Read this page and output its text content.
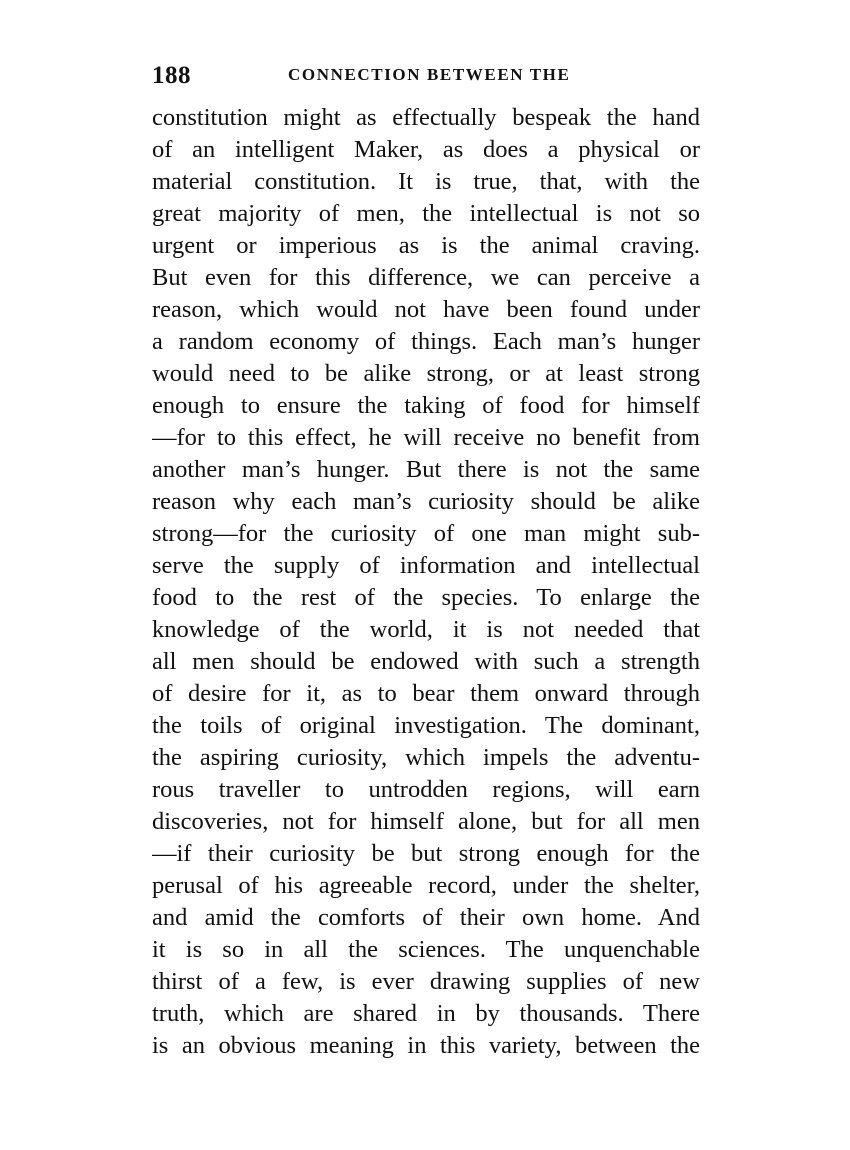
188	CONNECTION BETWEEN THE
constitution might as effectually bespeak the hand
of an intelligent Maker, as does a physical or
material constitution. It is true, that, with the
great majority of men, the intellectual is not so
urgent or imperious as is the animal craving.
But even for this difference, we can perceive a
reason, which would not have been found under
a random economy of things. Each man’s hunger
would need to be alike strong, or at least strong
enough to ensure the taking of food for himself
—for to this effect, he will receive no benefit from
another man’s hunger. But there is not the same
reason why each man’s curiosity should be alike
strong—for the curiosity of one man might sub-
serve the supply of information and intellectual
food to the rest of the species. To enlarge the
knowledge of the world, it is not needed that
all men should be endowed with such a strength
of desire for it, as to bear them onward through
the toils of original investigation. The dominant,
the aspiring curiosity, which impels the adventu-
rous traveller to untrodden regions, will earn
discoveries, not for himself alone, but for all men
—if their curiosity be but strong enough for the
perusal of his agreeable record, under the shelter,
and amid the comforts of their own home. And
it is so in all the sciences. The unquenchable
thirst of a few, is ever drawing supplies of new
truth, which are shared in by thousands. There
is an obvious meaning in this variety, between the
